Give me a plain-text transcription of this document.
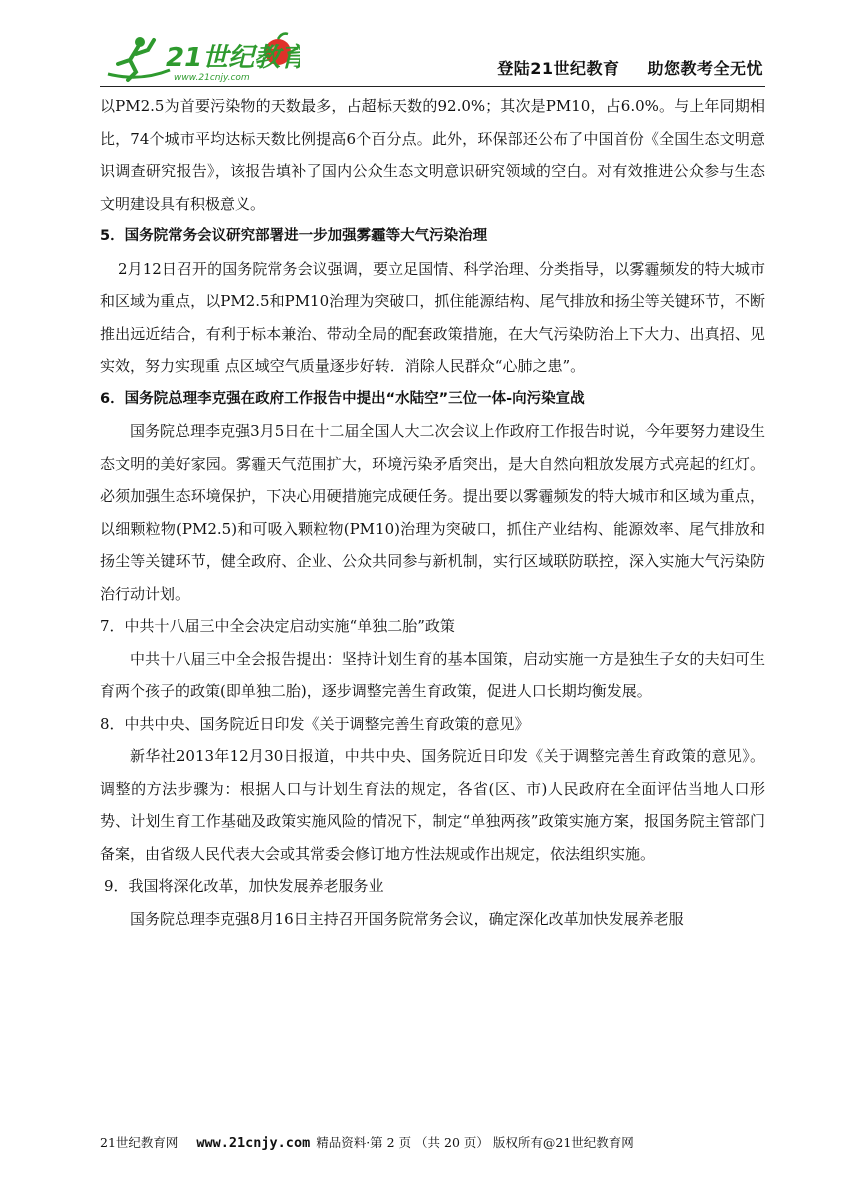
21世纪教育
www.21cnjy.com	登陆21世纪教育 助您教考全无忧

以PM2.5为首要污染物的天数最多，占超标天数的92.0%；其次是PM10，占6.0%。与上年同期相比，74个城市平均达标天数比例提高6个百分点。此外，环保部还公布了中国首份《全国生态文明意识调查研究报告》，该报告填补了国内公众生态文明意识研究领域的空白。对有效推进公众参与生态文明建设具有积极意义。

5．国务院常务会议研究部署进一步加强雾霾等大气污染治理

2月12日召开的国务院常务会议强调，要立足国情、科学治理、分类指导，以雾霾频发的特大城市和区域为重点，以PM2.5和PM10治理为突破口，抓住能源结构、尾气排放和扬尘等关键环节，不断推出远近结合，有利于标本兼治、带动全局的配套政策措施，在大气污染防治上下大力、出真招、见实效，努力实现重 点区域空气质量逐步好转．消除人民群众“心肺之患”。

6．国务院总理李克强在政府工作报告中提出“水陆空”三位一体-向污染宣战

国务院总理李克强3月5日在十二届全国人大二次会议上作政府工作报告时说，今年要努力建设生态文明的美好家园。雾霾天气范围扩大，环境污染矛盾突出，是大自然向粗放发展方式亮起的红灯。必须加强生态环境保护，下决心用硬措施完成硬任务。提出要以雾霾频发的特大城市和区域为重点，以细颗粒物(PM2.5)和可吸入颗粒物(PM10)治理为突破口，抓住产业结构、能源效率、尾气排放和扬尘等关键环节，健全政府、企业、公众共同参与新机制，实行区域联防联控，深入实施大气污染防治行动计划。

7．中共十八届三中全会决定启动实施“单独二胎”政策

中共十八届三中全会报告提出：坚持计划生育的基本国策，启动实施一方是独生子女的夫妇可生育两个孩子的政策(即单独二胎)，逐步调整完善生育政策，促进人口长期均衡发展。

8．中共中央、国务院近日印发《关于调整完善生育政策的意见》

新华社2013年12月30日报道，中共中央、国务院近日印发《关于调整完善生育政策的意见》。调整的方法步骤为：根据人口与计划生育法的规定，各省(区、市)人民政府在全面评估当地人口形势、计划生育工作基础及政策实施风险的情况下，制定“单独两孩”政策实施方案，报国务院主管部门备案，由省级人民代表大会或其常委会修订地方性法规或作出规定，依法组织实施。

9．我国将深化改革，加快发展养老服务业

国务院总理李克强8月16日主持召开国务院常务会议，确定深化改革加快发展养老服

21世纪教育网 www.21cnjy.com 精品资料·第 2 页 （共 20 页） 版权所有@21世纪教育网
